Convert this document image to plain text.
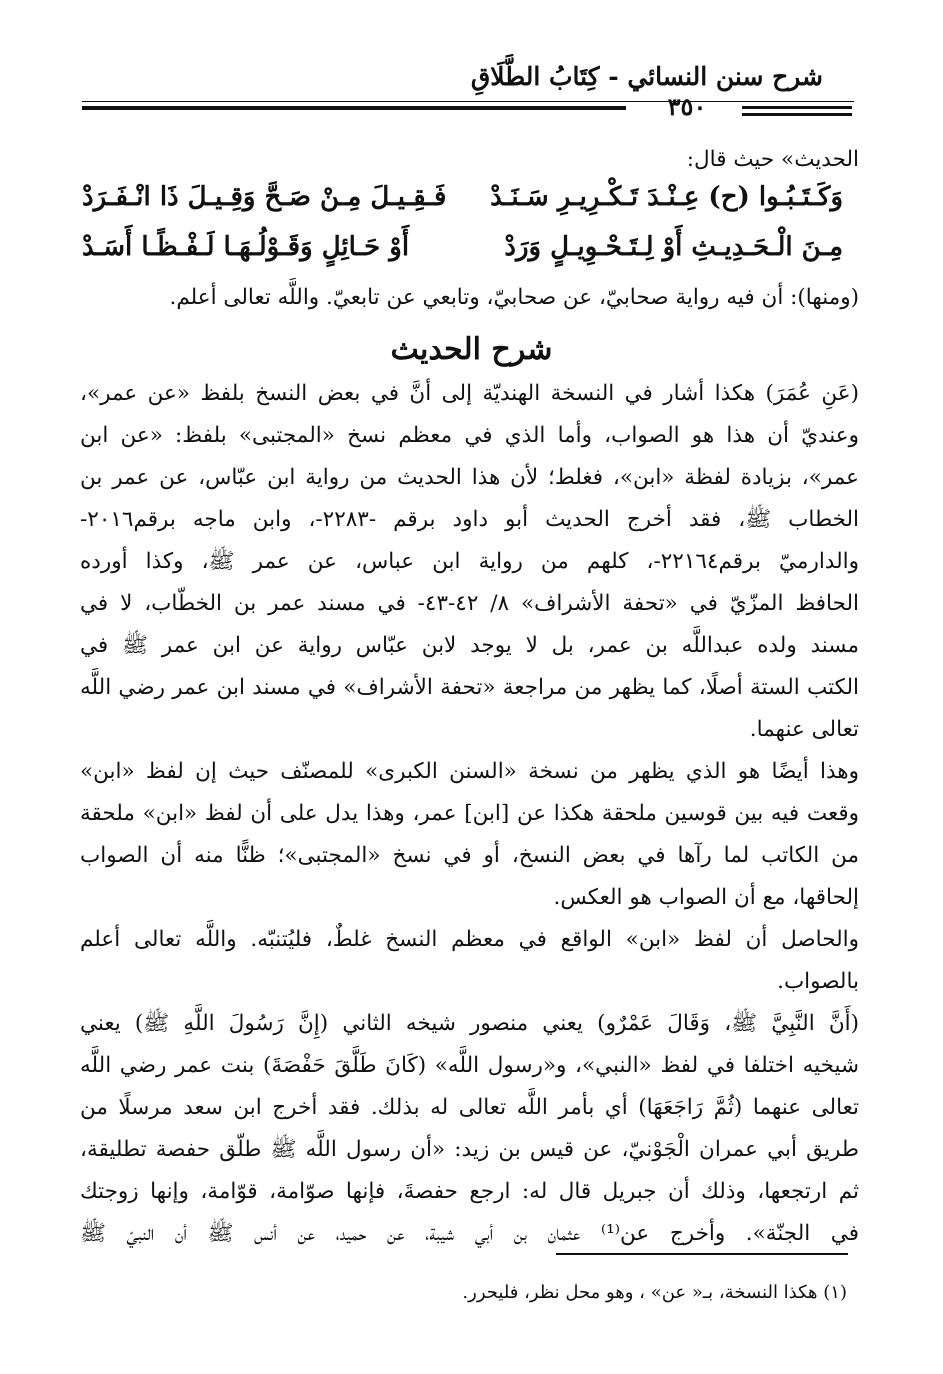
شرح سنن النسائي - كِتَابُ الطَّلَاقِ
٣٥٠
الحديث» حيث قال:
وَكَـتَـبُـوا (ح) عِـنْـدَ تَـكْـرِيـرِ سَـنَـدْ
فَـقِـيـلَ مِـنْ صَـحَّ وَقِـيـلَ ذَا انْـفَـرَدْ
مِـنَ الْـحَـدِيـثِ أَوْ لِـتَـحْـوِيـلٍ وَرَدْ
أَوْ حَـائِلٍ وَقَـوْلُـهَـا لَـفْـظًـا أَسَـدْ
(ومنها): أن فيه رواية صحابيّ، عن صحابيّ، وتابعي عن تابعيّ. واللَّه تعالى أعلم.
شرح الحديث
(عَنِ عُمَرَ) هكذا أشار في النسخة الهنديّة إلى أنَّ في بعض النسخ بلفظ «عن عمر»،
وعنديّ أن هذا هو الصواب، وأما الذي في معظم نسخ «المجتبى» بلفظ: «عن ابن
عمر»، بزيادة لفظة «ابن»، فغلط؛ لأن هذا الحديث من رواية ابن عبّاس، عن عمر بن
الخطاب ﷺ، فقد أخرج الحديث أبو داود برقم -٢٢٨٣-، وابن ماجه برقم٢٠١٦-
والدارميّ برقم٢٢١٦٤-، كلهم من رواية ابن عباس، عن عمر ﷺ، وكذا أورده
الحافظ المزّيّ في «تحفة الأشراف» ٨/ ٤٢-٤٣- في مسند عمر بن الخطّاب، لا في
مسند ولده عبداللَّه بن عمر، بل لا يوجد لابن عبّاس رواية عن ابن عمر ﷺ في
الكتب الستة أصلًا، كما يظهر من مراجعة «تحفة الأشراف» في مسند ابن عمر رضي اللَّه
تعالى عنهما.
وهذا أيضًا هو الذي يظهر من نسخة «السنن الكبرى» للمصنّف حيث إن لفظ «ابن»
وقعت فيه بين قوسين ملحقة هكذا عن [ابن] عمر، وهذا يدل على أن لفظ «ابن» ملحقة
من الكاتب لما رآها في بعض النسخ، أو في نسخ «المجتبى»؛ ظنًّا منه أن الصواب
إلحاقها، مع أن الصواب هو العكس.
والحاصل أن لفظ «ابن» الواقع في معظم النسخ غلطٌ، فليُتنبّه. واللَّه تعالى أعلم
بالصواب.
(أَنَّ النَّبِيَّ ﷺ، وَقَالَ عَمْرٌو) يعني منصور شيخه الثاني (إِنَّ رَسُولَ اللَّهِ ﷺ) يعني
شيخيه اختلفا في لفظ «النبي»، و«رسول اللَّه» (كَانَ طَلَّقَ حَفْصَةَ) بنت عمر رضي اللَّه
تعالى عنهما (ثُمَّ رَاجَعَهَا) أي بأمر اللَّه تعالى له بذلك. فقد أخرج ابن سعد مرسلًا من
طريق أبي عمران الْجَوْنيّ، عن قيس بن زيد: «أن رسول اللَّه ﷺ طلّق حفصة تطليقة،
ثم ارتجعها، وذلك أن جبريل قال له: ارجع حفصةَ، فإنها صوّامة، قوّامة، وإنها زوجتك
في الجنّة». وأخرج عن⁽¹⁾ عثمان بن أبي شيبة، عن حميد، عن أنس ﷺ أن النبيّ ﷺ
(١) هكذا النسخة، بـ« عن» ، وهو محل نظر، فليحرر.
